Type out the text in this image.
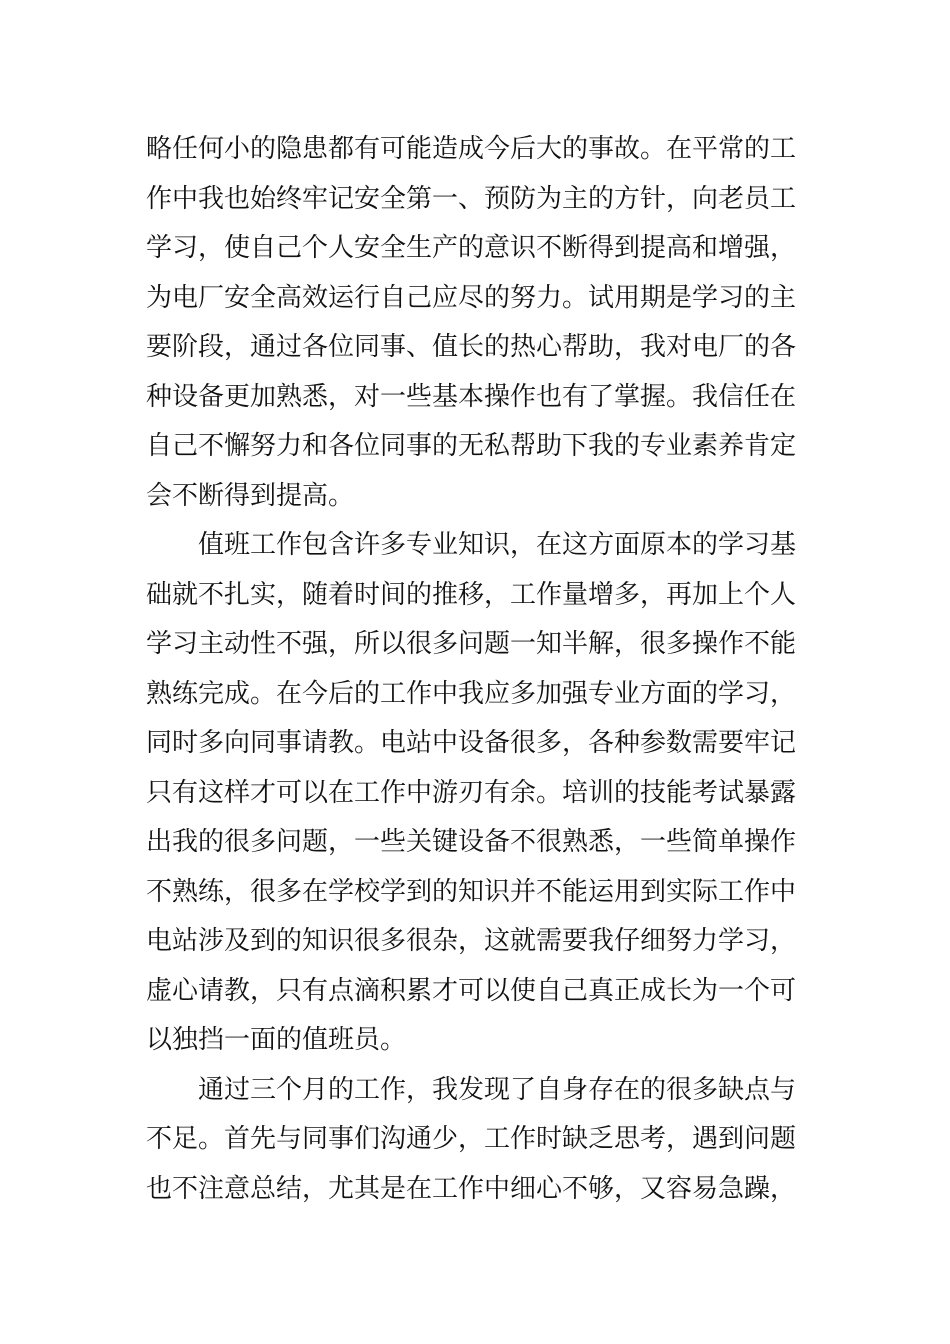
略任何小的隐患都有可能造成今后大的事故。在平常的工
作中我也始终牢记安全第一、预防为主的方针，向老员工
学习，使自己个人安全生产的意识不断得到提高和增强，
为电厂安全高效运行自己应尽的努力。试用期是学习的主
要阶段，通过各位同事、值长的热心帮助，我对电厂的各
种设备更加熟悉，对一些基本操作也有了掌握。我信任在
自己不懈努力和各位同事的无私帮助下我的专业素养肯定
会不断得到提高。
值班工作包含许多专业知识，在这方面原本的学习基
础就不扎实，随着时间的推移，工作量增多，再加上个人
学习主动性不强，所以很多问题一知半解，很多操作不能
熟练完成。在今后的工作中我应多加强专业方面的学习，
同时多向同事请教。电站中设备很多，各种参数需要牢记
只有这样才可以在工作中游刃有余。培训的技能考试暴露
出我的很多问题，一些关键设备不很熟悉，一些简单操作
不熟练，很多在学校学到的知识并不能运用到实际工作中
电站涉及到的知识很多很杂，这就需要我仔细努力学习，
虚心请教，只有点滴积累才可以使自己真正成长为一个可
以独挡一面的值班员。
通过三个月的工作，我发现了自身存在的很多缺点与
不足。首先与同事们沟通少，工作时缺乏思考，遇到问题
也不注意总结，尤其是在工作中细心不够，又容易急躁，
